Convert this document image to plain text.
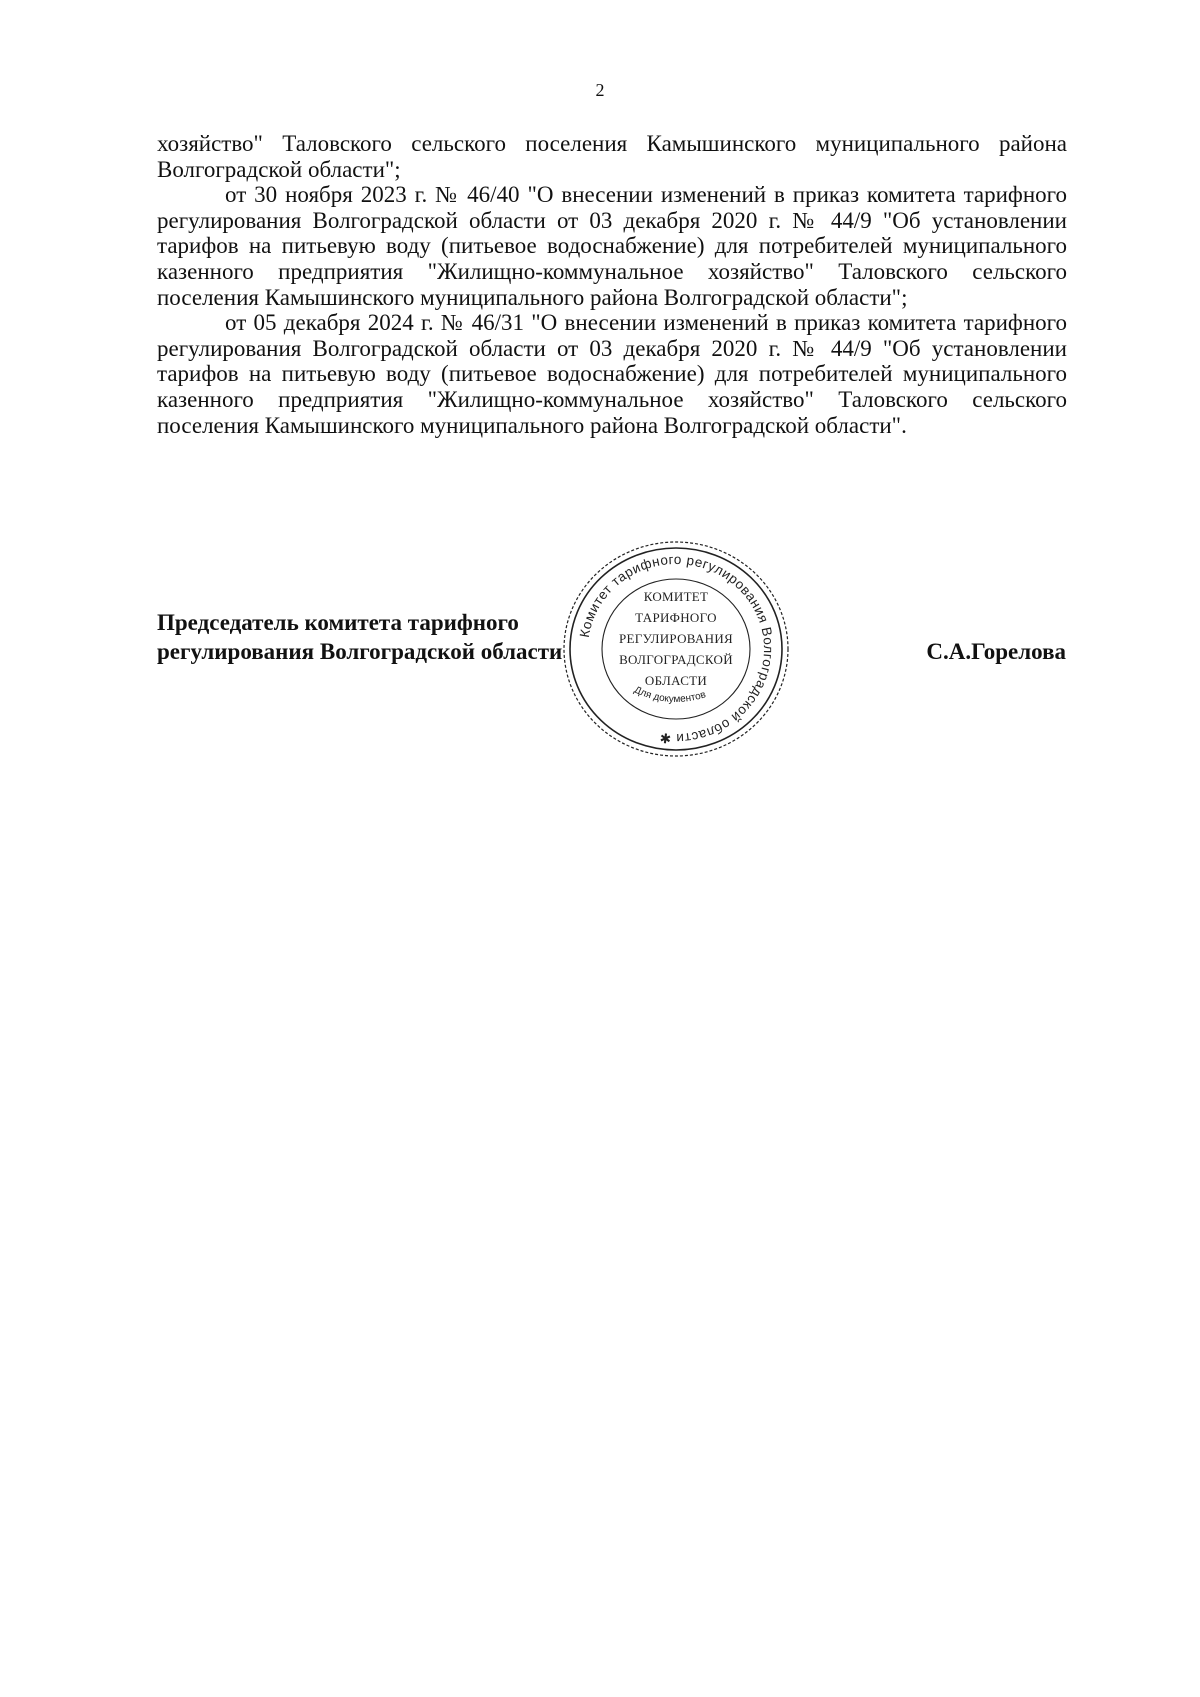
2

хозяйство" Таловского сельского поселения Камышинского муниципального района Волгоградской области";

от 30 ноября 2023 г. № 46/40 "О внесении изменений в приказ комитета тарифного регулирования Волгоградской области от 03 декабря 2020 г. № 44/9 "Об установлении тарифов на питьевую воду (питьевое водоснабжение) для потребителей муниципального казенного предприятия "Жилищно-коммунальное хозяйство" Таловского сельского поселения Камышинского муниципального района Волгоградской области";

от 05 декабря 2024 г. № 46/31 "О внесении изменений в приказ комитета тарифного регулирования Волгоградской области от 03 декабря 2020 г. № 44/9 "Об установлении тарифов на питьевую воду (питьевое водоснабжение) для потребителей муниципального казенного предприятия "Жилищно-коммунальное хозяйство" Таловского сельского поселения Камышинского муниципального района Волгоградской области".

Председатель комитета тарифного
регулирования Волгоградской области	С.А.Горелова
Комитет тарифного регулирования Волгоградской области ✱
КОМИТЕТ
ТАРИФНОГО
РЕГУЛИРОВАНИЯ
ВОЛГОГРАДСКОЙ
ОБЛАСТИ
Для документов
